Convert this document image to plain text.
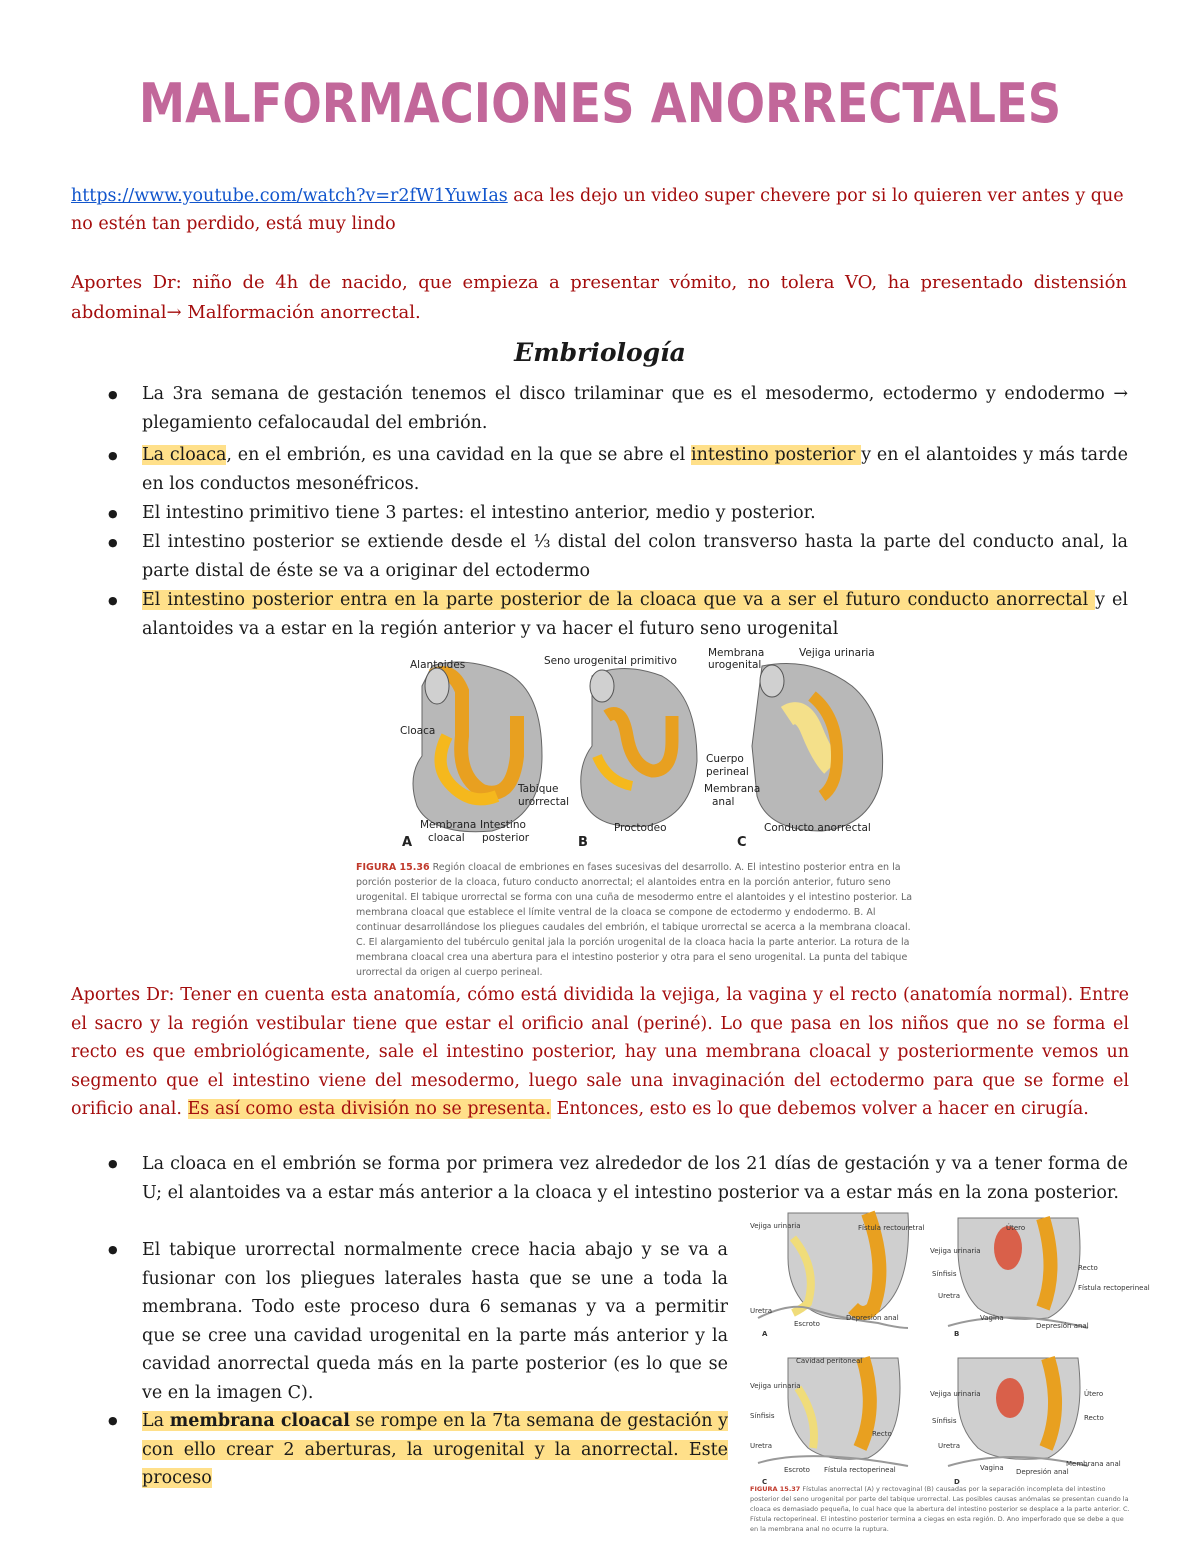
MALFORMACIONES ANORRECTALES
https://www.youtube.com/watch?v=r2fW1YuwIas aca les dejo un video super chevere por si lo quieren ver antes y que no estén tan perdido, está muy lindo
Aportes Dr: niño de 4h de nacido, que empieza a presentar vómito, no tolera VO, ha presentado distensión abdominal→ Malformación anorrectal.
Embriología
● La 3ra semana de gestación tenemos el disco trilaminar que es el mesodermo, ectodermo y endodermo → plegamiento cefalocaudal del embrión.
● La cloaca, en el embrión, es una cavidad en la que se abre el intestino posterior y en el alantoides y más tarde en los conductos mesonéfricos.
● El intestino primitivo tiene 3 partes: el intestino anterior, medio y posterior.
● El intestino posterior se extiende desde el ⅓ distal del colon transverso hasta la parte del conducto anal, la parte distal de éste se va a originar del ectodermo
● El intestino posterior entra en la parte posterior de la cloaca que va a ser el futuro conducto anorrectal y el alantoides va a estar en la región anterior y va hacer el futuro seno urogenital
Alantoides
Cloaca
Tabique
urorrectal
Membrana
cloacal
Intestino
posterior
Seno urogenital primitivo
Proctodeo
Membrana
urogenital
Vejiga urinaria
Cuerpo
perineal
Membrana
anal
Conducto anorrectal
A	B	C
FIGURA 15.36 Región cloacal de embriones en fases sucesivas del desarrollo. A. El intestino posterior entra en la porción posterior de la cloaca, futuro conducto anorrectal; el alantoides entra en la porción anterior, futuro seno urogenital. El tabique urorrectal se forma con una cuña de mesodermo entre el alantoides y el intestino posterior. La membrana cloacal que establece el límite ventral de la cloaca se compone de ectodermo y endodermo. B. Al continuar desarrollándose los pliegues caudales del embrión, el tabique urorrectal se acerca a la membrana cloacal. C. El alargamiento del tubérculo genital jala la porción urogenital de la cloaca hacia la parte anterior. La rotura de la membrana cloacal crea una abertura para el intestino posterior y otra para el seno urogenital. La punta del tabique urorrectal da origen al cuerpo perineal.
Aportes Dr: Tener en cuenta esta anatomía, cómo está dividida la vejiga, la vagina y el recto (anatomía normal). Entre el sacro y la región vestibular tiene que estar el orificio anal (periné). Lo que pasa en los niños que no se forma el recto es que embriológicamente, sale el intestino posterior, hay una membrana cloacal y posteriormente vemos un segmento que el intestino viene del mesodermo, luego sale una invaginación del ectodermo para que se forme el orificio anal. Es así como esta división no se presenta. Entonces, esto es lo que debemos volver a hacer en cirugía.
● La cloaca en el embrión se forma por primera vez alrededor de los 21 días de gestación y va a tener forma de U; el alantoides va a estar más anterior a la cloaca y el intestino posterior va a estar más en la zona posterior.
● El tabique urorrectal normalmente crece hacia abajo y se va a fusionar con los pliegues laterales hasta que se une a toda la membrana. Todo este proceso dura 6 semanas y va a permitir que se cree una cavidad urogenital en la parte más anterior y la cavidad anorrectal queda más en la parte posterior (es lo que se ve en la imagen C).
● La membrana cloacal se rompe en la 7ta semana de gestación y con ello crear 2 aberturas, la urogenital y la anorrectal. Este proceso
Vejiga urinaria	Fístula rectouretral
Uretra
Escroto
Depresión anal
Útero
Vejiga urinaria
Sínfisis
Uretra
Recto
Fístula rectoperineal
Vagina
Depresión anal
Cavidad peritoneal
Vejiga urinaria
Sínfisis
Uretra
Escroto Fístula rectoperineal
Recto
Vejiga urinaria
Sínfisis
Uretra
Útero
Recto
Vagina Depresión anal
Membrana anal
A	B
C	D
FIGURA 15.37 Fístulas anorrectal (A) y rectovaginal (B) causadas por la separación incompleta del intestino posterior del seno urogenital por parte del tabique urorrectal. Las posibles causas anómalas se presentan cuando la cloaca es demasiado pequeña, lo cual hace que la abertura del intestino posterior se desplace a la parte anterior. C. Fístula rectoperineal. El intestino posterior termina a ciegas en esta región. D. Ano imperforado que se debe a que en la membrana anal no ocurre la ruptura.
